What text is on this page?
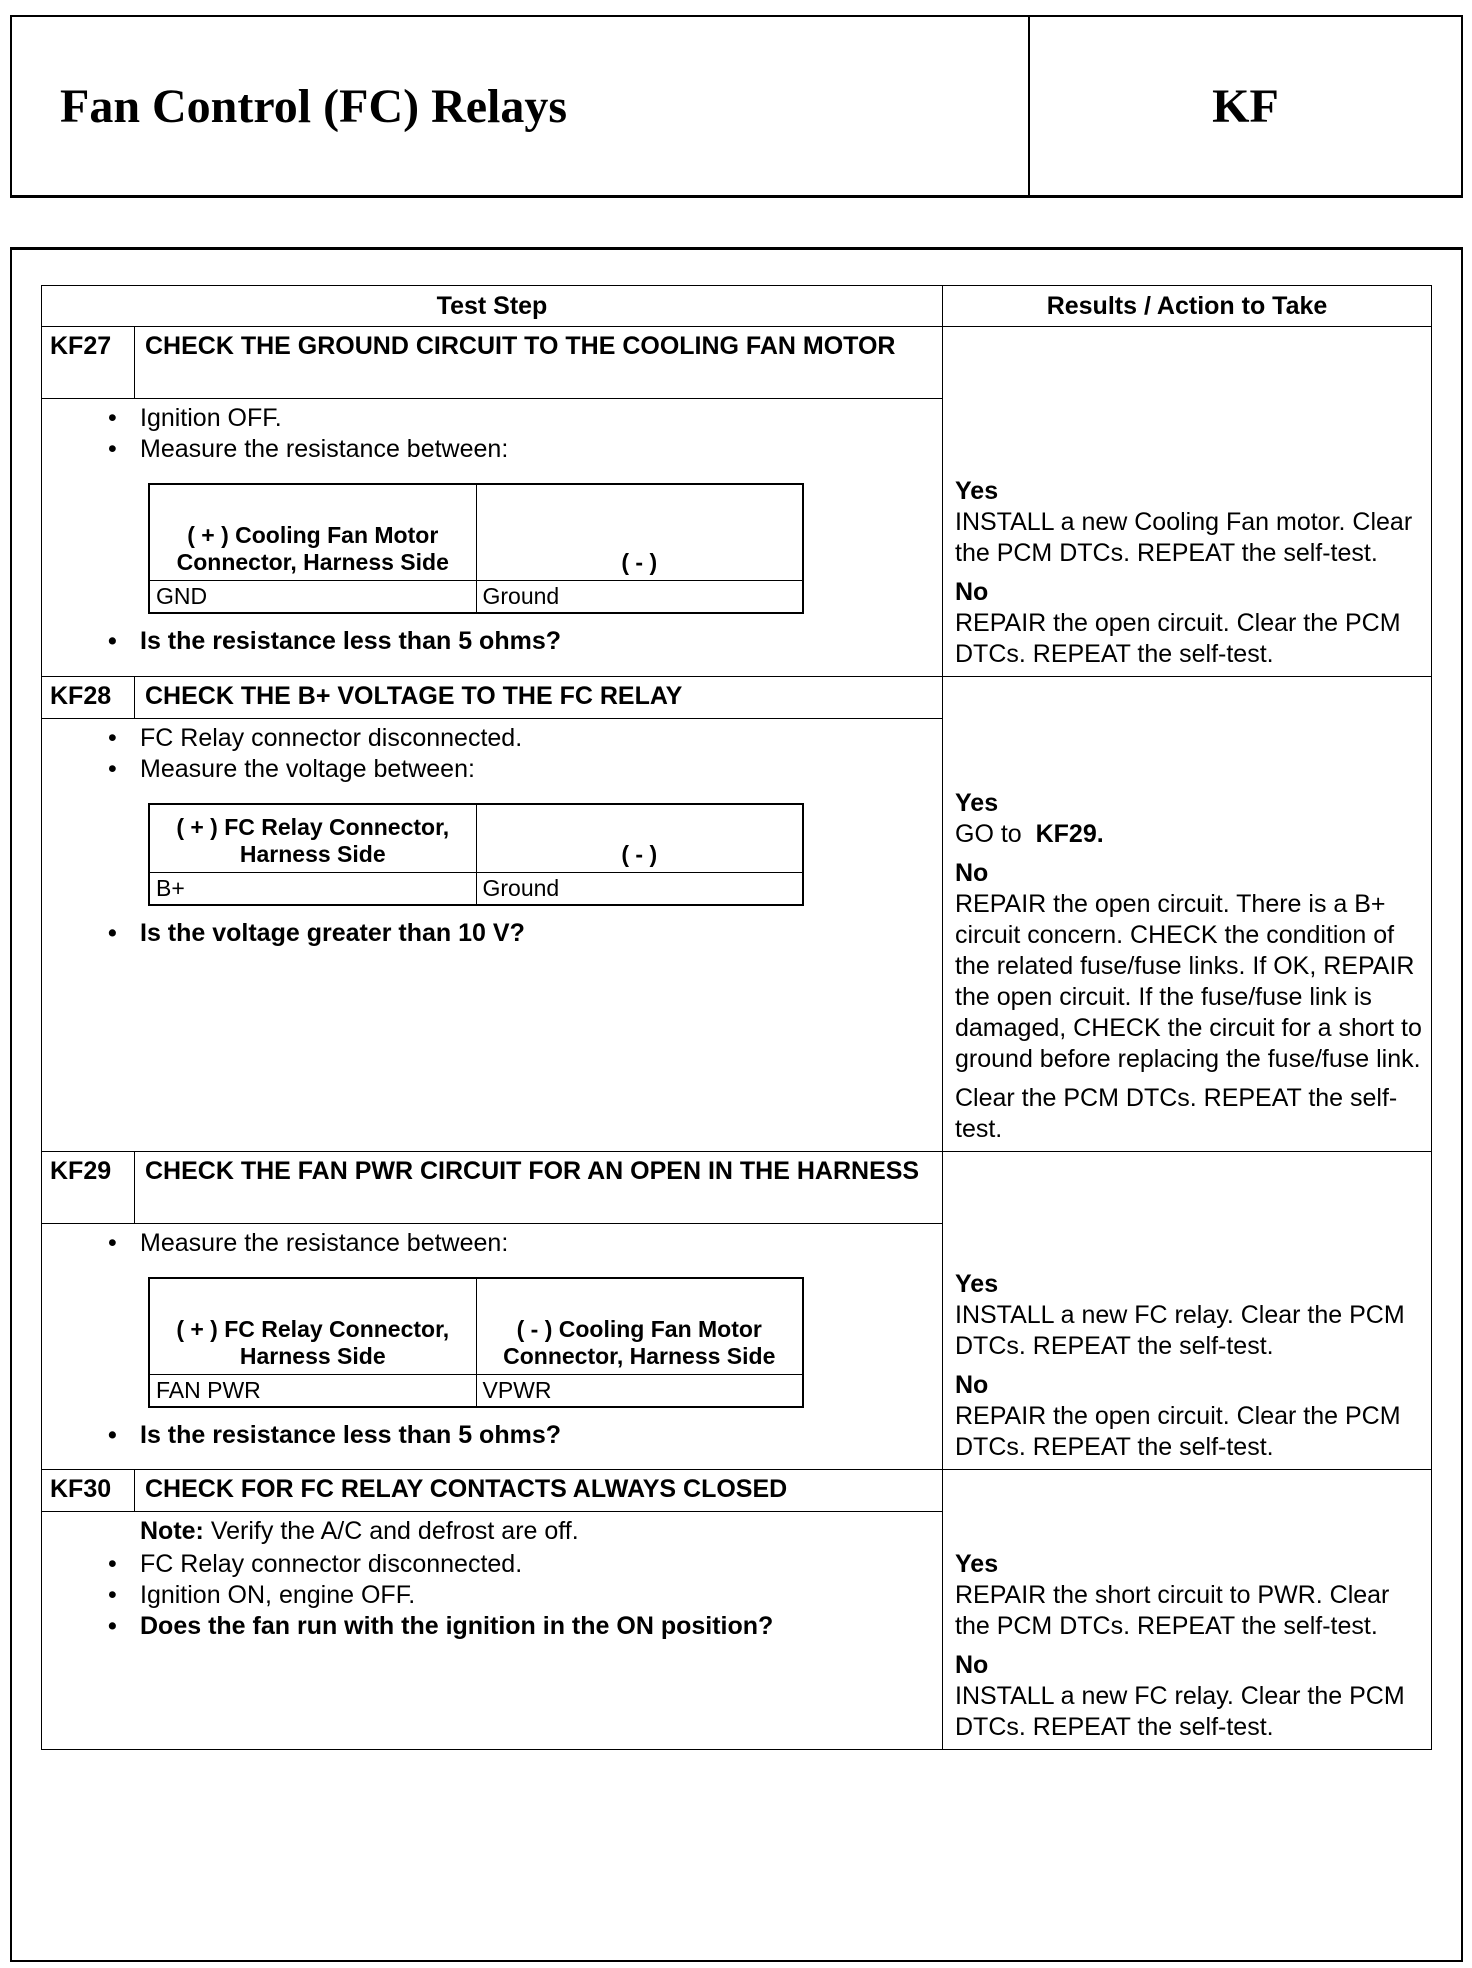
Fan Control (FC) Relays	KF
Test Step	Results / Action to Take
KF27	CHECK THE GROUND CIRCUIT TO THE COOLING FAN MOTOR	

Yes
INSTALL a new Cooling Fan motor. Clear the PCM DTCs. REPEAT the self-test.

No
REPAIR the open circuit. Clear the PCM DTCs. REPEAT the self-test.

• Ignition OFF.
• Measure the resistance between:
( + ) Cooling Fan Motor Connector, Harness Side	( - )
GND	Ground
• Is the resistance less than 5 ohms?

KF28	CHECK THE B+ VOLTAGE TO THE FC RELAY	

Yes
GO to KF29.

No
REPAIR the open circuit. There is a B+ circuit concern. CHECK the condition of the related fuse/fuse links. If OK, REPAIR the open circuit. If the fuse/fuse link is damaged, CHECK the circuit for a short to ground before replacing the fuse/fuse link.

Clear the PCM DTCs. REPEAT the self-test.

• FC Relay connector disconnected.
• Measure the voltage between:
( + ) FC Relay Connector, Harness Side	( - )
B+	Ground
• Is the voltage greater than 10 V?

KF29	CHECK THE FAN PWR CIRCUIT FOR AN OPEN IN THE HARNESS	

Yes
INSTALL a new FC relay. Clear the PCM DTCs. REPEAT the self-test.

No
REPAIR the open circuit. Clear the PCM DTCs. REPEAT the self-test.

• Measure the resistance between:
( + ) FC Relay Connector, Harness Side	( - ) Cooling Fan Motor Connector, Harness Side
FAN PWR	VPWR
• Is the resistance less than 5 ohms?

KF30	CHECK FOR FC RELAY CONTACTS ALWAYS CLOSED	

Yes
REPAIR the short circuit to PWR. Clear the PCM DTCs. REPEAT the self-test.

No
INSTALL a new FC relay. Clear the PCM DTCs. REPEAT the self-test.

Note: Verify the A/C and defrost are off.
• FC Relay connector disconnected.
• Ignition ON, engine OFF.
• Does the fan run with the ignition in the ON position?
